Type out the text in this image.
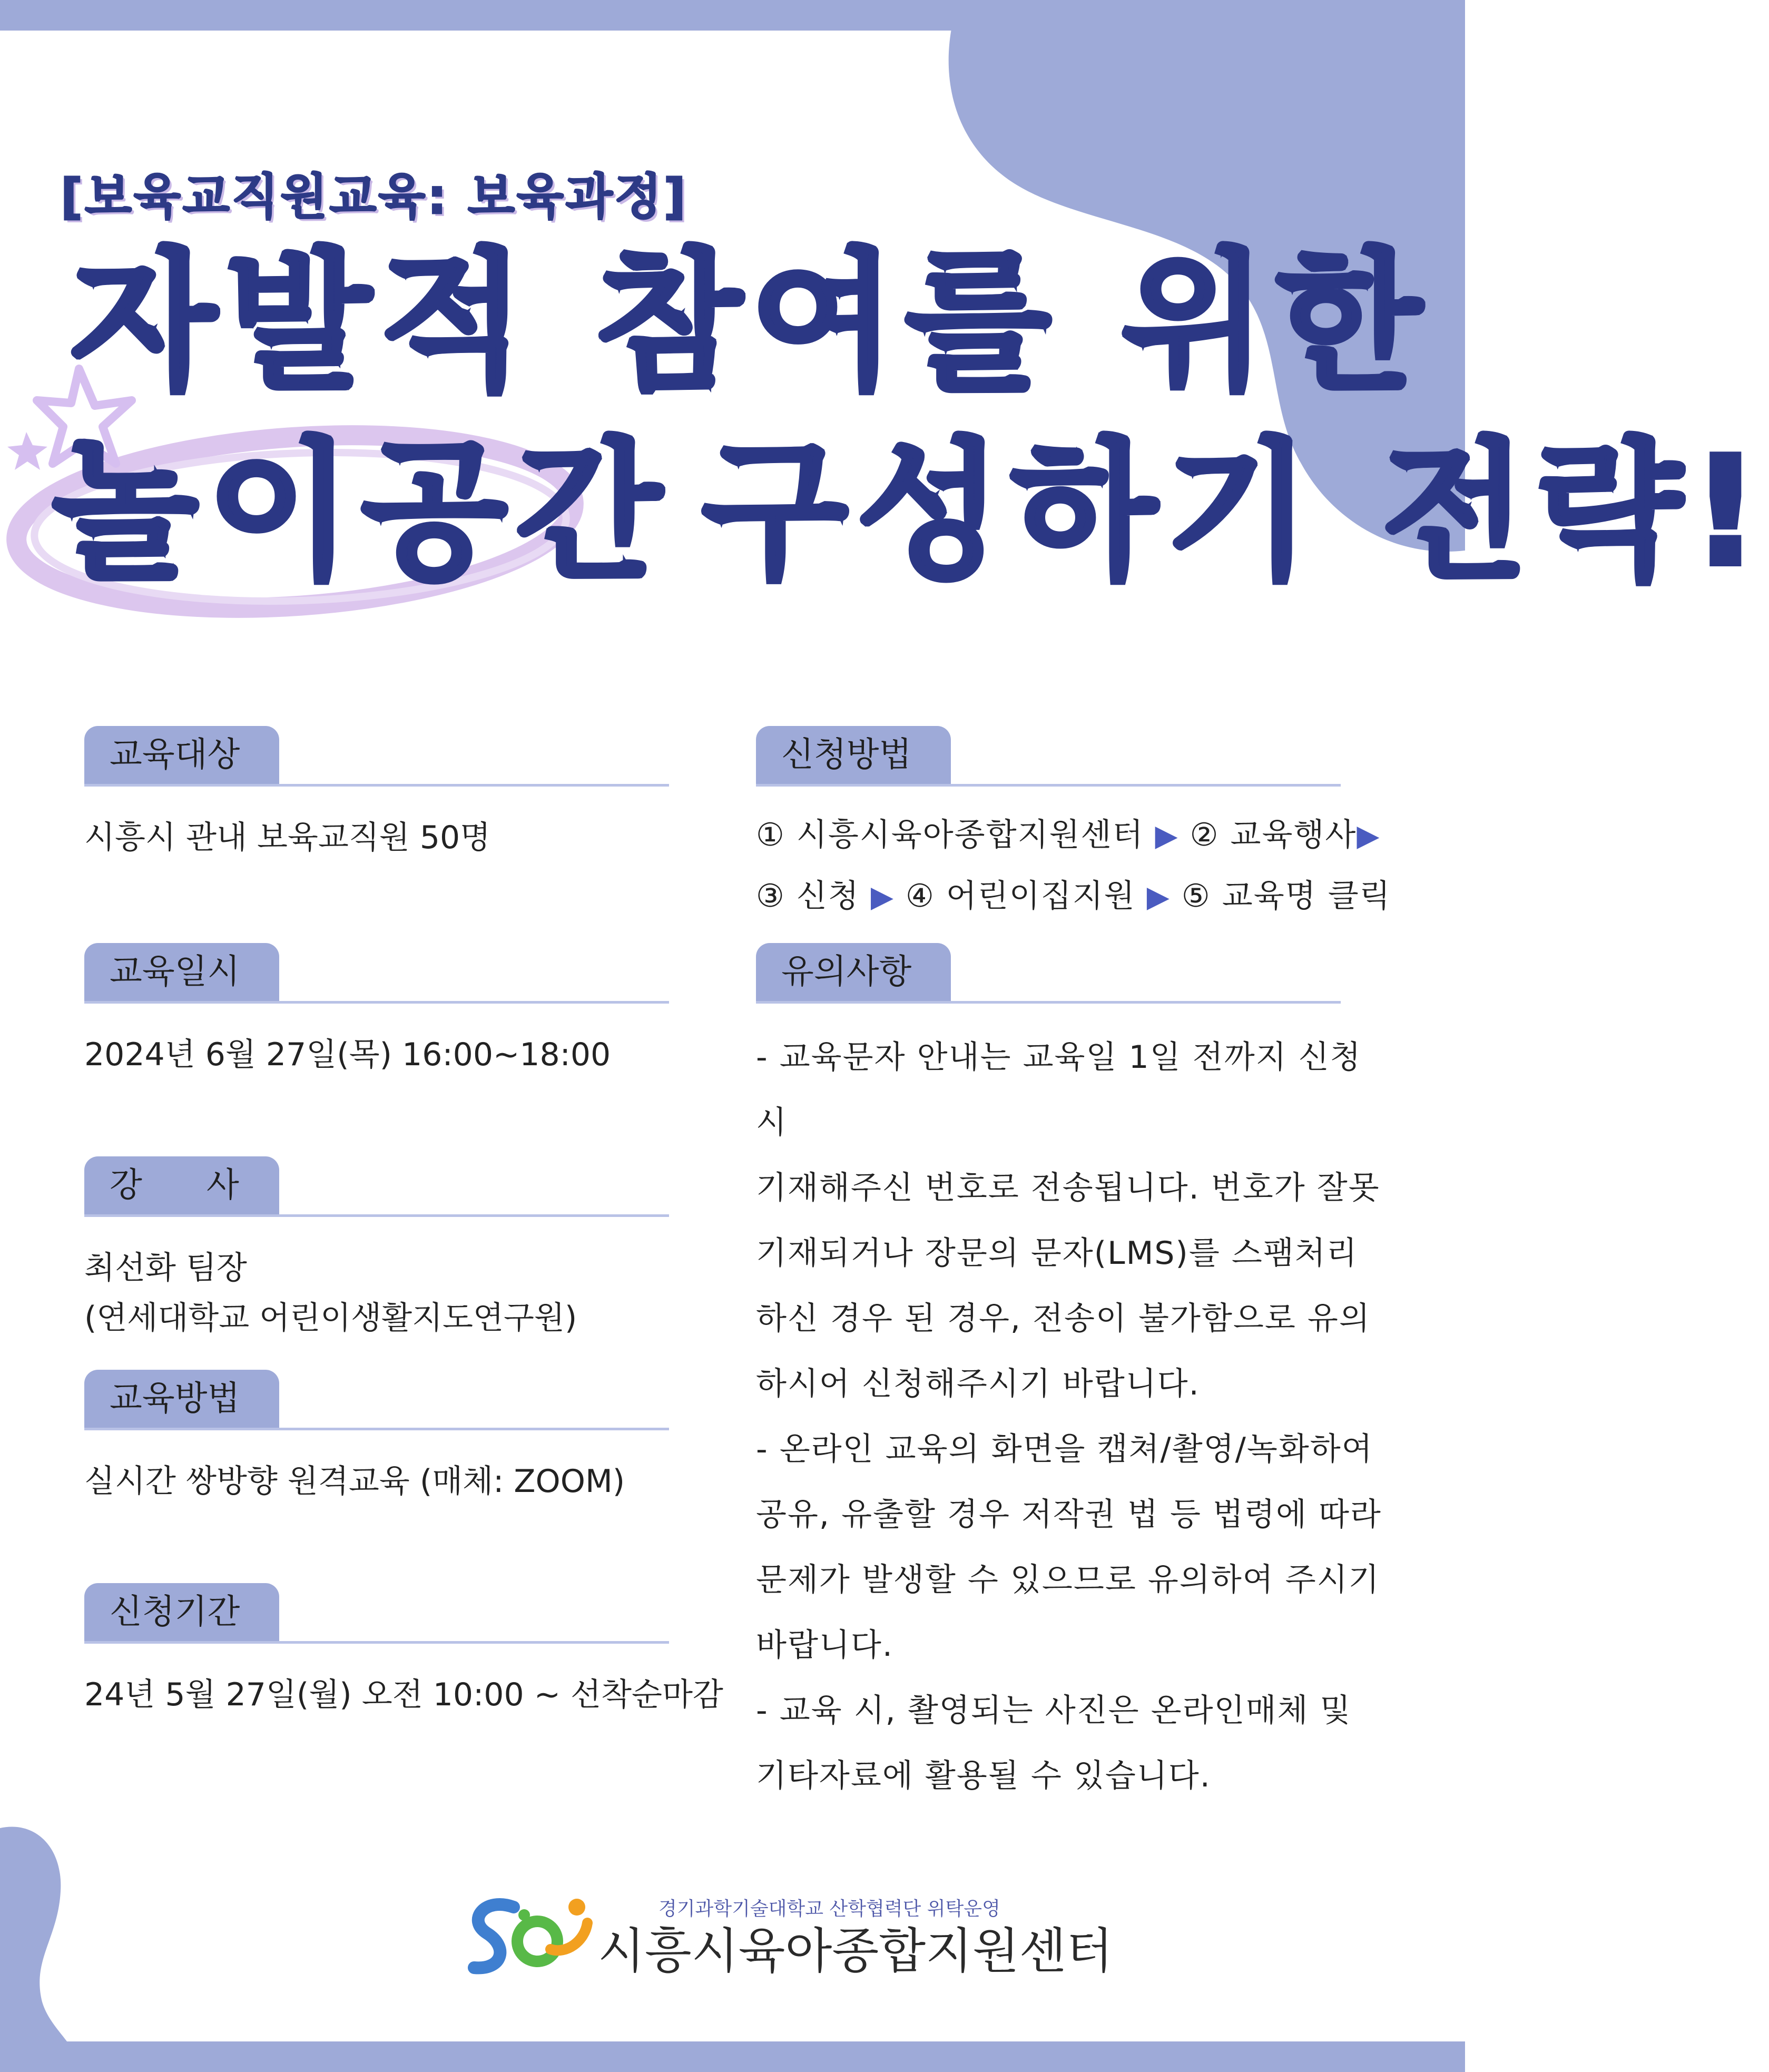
[보육교직원교육: 보육과정]
자발적 참여를 위한
놀이공간 구성하기 전략!
교육대상
시흥시 관내 보육교직원 50명
교육일시
2024년 6월 27일(목) 16:00~18:00
강      사
최선화 팀장
(연세대학교 어린이생활지도연구원)
교육방법
실시간 쌍방향 원격교육 (매체: ZOOM)
신청기간
24년 5월 27일(월) 오전 10:00 ~ 선착순마감
신청방법
① 시흥시육아종합지원센터 ▶ ② 교육행사▶
③ 신청 ▶ ④ 어린이집지원 ▶ ⑤ 교육명 클릭
유의사항
- 교육문자 안내는 교육일 1일 전까지 신청 시
기재해주신 번호로 전송됩니다. 번호가 잘못
기재되거나 장문의 문자(LMS)를 스팸처리
하신 경우 된 경우, 전송이 불가함으로 유의
하시어 신청해주시기 바랍니다.
- 온라인 교육의 화면을 캡쳐/촬영/녹화하여
공유, 유출할 경우 저작권 법 등 법령에 따라
문제가 발생할 수 있으므로 유의하여 주시기
바랍니다.
- 교육 시, 촬영되는 사진은 온라인매체 및
기타자료에 활용될 수 있습니다.
경기과학기술대학교 산학협력단 위탁운영
시흥시육아종합지원센터
